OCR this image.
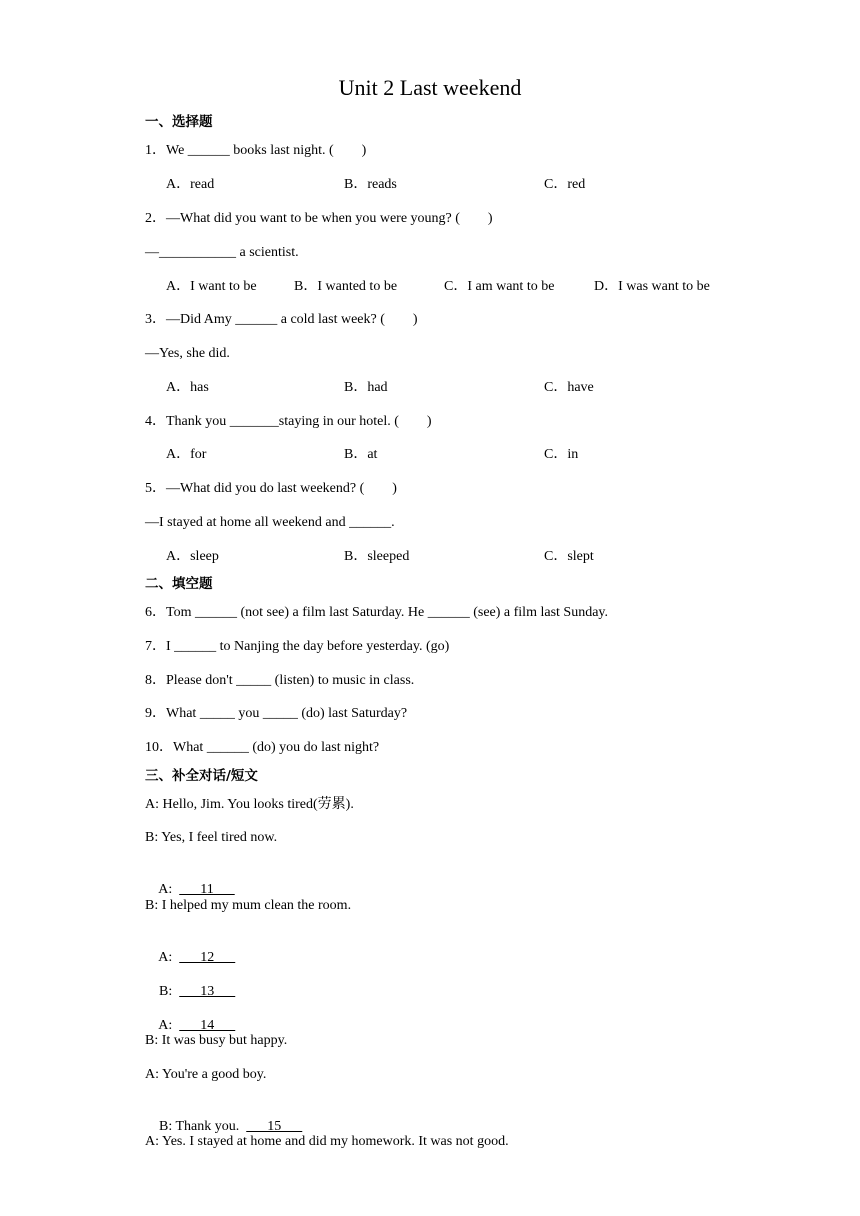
Unit 2 Last weekend
一、选择题
1．We ______ books last night. (　　)
A．read	B．reads	C．red
2．—What did you want to be when you were young? (　　)
—___________ a scientist.
A．I want to be	B．I wanted to be	C．I am want to be	D．I was want to be
3．—Did Amy ______ a cold last week? (　　)
—Yes, she did.
A．has	B．had	C．have
4．Thank you _______staying in our hotel. (　　)
A．for	B．at	C．in
5．—What did you do last weekend? (　　)
—I stayed at home all weekend and ______.
A．sleep	B．sleeped	C．slept
二、填空题
6．Tom ______ (not see) a film last Saturday. He ______ (see) a film last Sunday.
7．I ______ to Nanjing the day before yesterday. (go)
8．Please don't _____ (listen) to music in class.
9．What _____ you _____ (do) last Saturday?
10．What ______ (do) you do last night?
三、补全对话/短文
A: Hello, Jim. You looks tired(劳累).
B: Yes, I feel tired now.

A:        11

B: I helped my mum clean the room.

A:        12

B:        13

A:        14

B: It was busy but happy.
A: You're a good boy.

B: Thank you.        15

A: Yes. I stayed at home and did my homework. It was not good.
